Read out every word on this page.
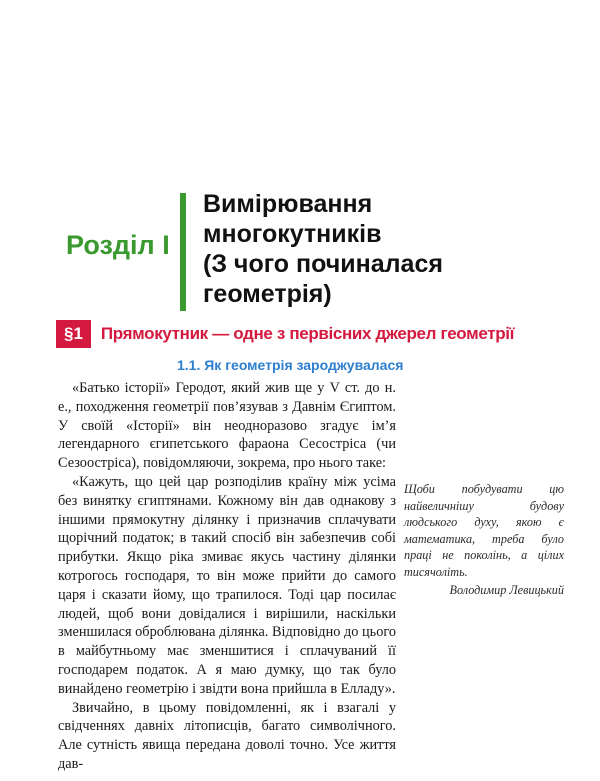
Розділ I
Вимірювання
многокутників
(З чого починалася
геометрія)
§1	Прямокутник — одне з первісних джерел геометрії
1.1. Як геометрія зароджувалася

«Батько історії» Геродот, який жив ще у V ст. до н. е., походження геометрії пов’язував з Давнім Єгиптом. У своїй «Історії» він неодноразово згадує ім’я легендарного єгипетського фараона Сесостріса (чи Сезоостріса), повідомляючи, зокрема, про нього таке:

«Кажуть, що цей цар розподілив країну між усіма без винятку єгиптянами. Кожному він дав однакову з іншими прямокутну ділянку і призначив сплачувати щорічний податок; в такий спосіб він забезпечив собі прибутки. Якщо ріка змиває якусь частину ділянки котрогось господаря, то він може прийти до самого царя і сказати йому, що трапилося. Тоді цар посилає людей, щоб вони довідалися і вирішили, наскільки зменшилася оброблювана ділянка. Відповідно до цього в майбутньому має зменшитися і сплачуваний її господарем податок. А я маю думку, що так було винайдено геометрію і звідти вона прийшла в Елладу».

Звичайно, в цьому повідомленні, як і взагалі у свідченнях давніх літописців, багато символічного. Але сутність явища передана доволі точно. Усе життя дав-

Щоби побудувати цю найвеличнішу будову людського духу, якою є математика, треба було праці не поколінь, а цілих тисячоліть.
Володимир Левицький
